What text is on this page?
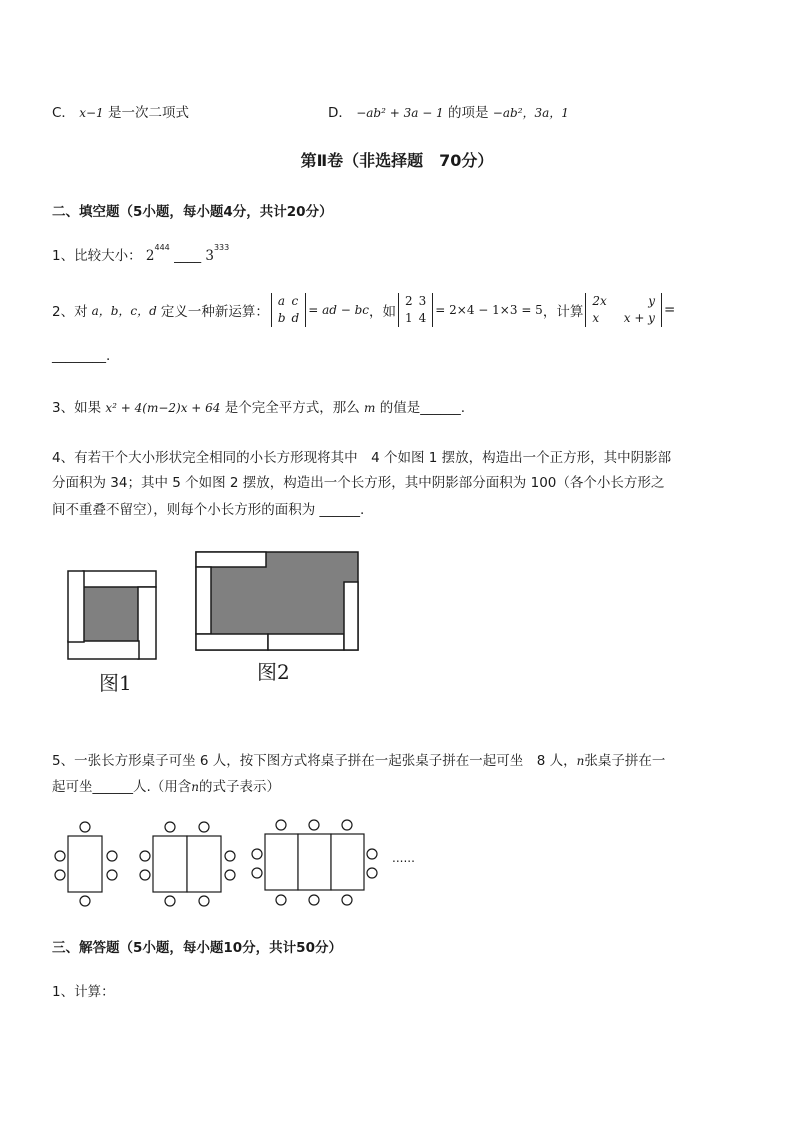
C． x−1 是一次二项式	D． −ab² + 3a − 1 的项是 −ab²，3a，1
第Ⅱ卷（非选择题　70分）
二、填空题（5小题，每小题4分，共计20分）
1、比较大小： $2^{444}$ ____ $3^{333}$
2、对 a，b，c，d 定义一种新运算：
a	c
b	d
= ad − bc ，如
2	3
1	4
= 2×4 − 1×3 = 5 ，计算
2x	y
x	x + y =
________.
3、如果 x² + 4(m−2)x + 64 是个完全平方式，那么 m 的值是______.
4、有若干个大小形状完全相同的小长方形现将其中　4 个如图 1 摆放，构造出一个正方形，其中阴影部
分面积为 34；其中 5 个如图 2 摆放，构造出一个长方形，其中阴影部分面积为 100（各个小长方形之
间不重叠不留空），则每个小长方形的面积为 ______.
图1	图2
5、一张长方形桌子可坐 6 人，按下图方式将桌子拼在一起张桌子拼在一起可坐　8 人，n张桌子拼在一
起可坐______人.（用含n的式子表示）
......
三、解答题（5小题，每小题10分，共计50分）
1、计算：
